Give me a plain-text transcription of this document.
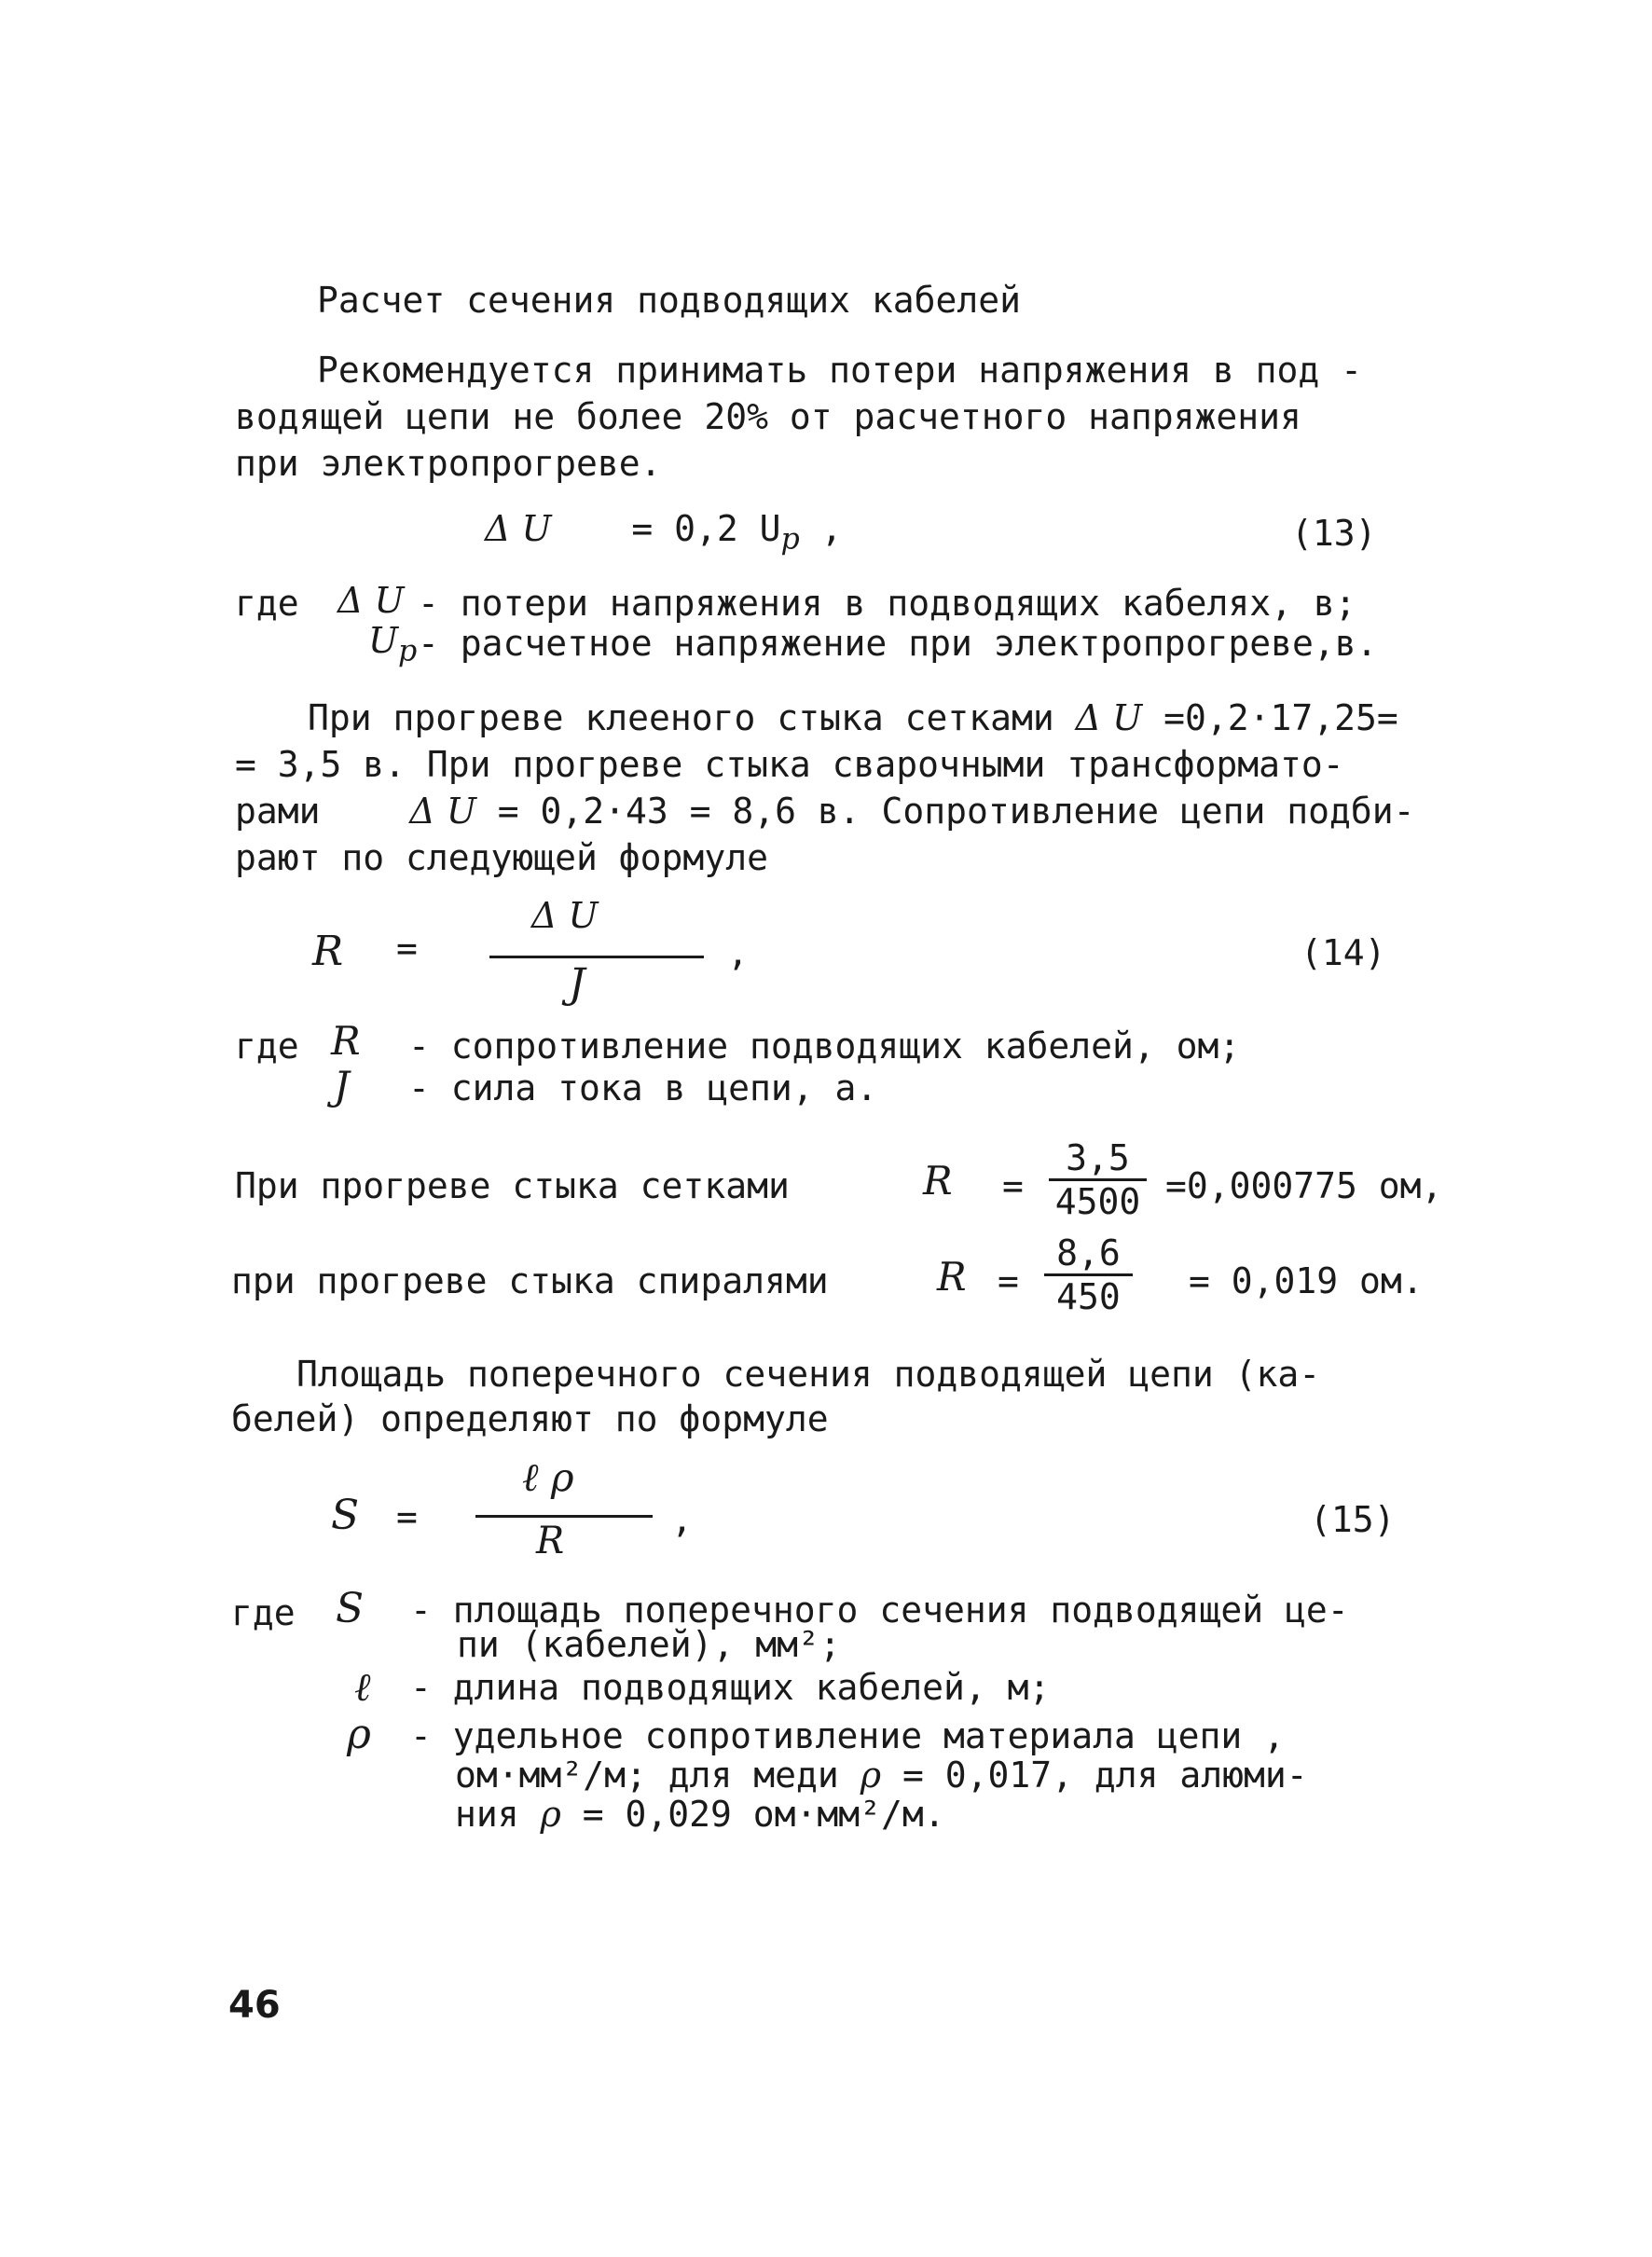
Расчет сечения подводящих кабелей
Рекомендуется принимать потери напряжения в под -
водящей цепи не более 20% от расчетного напряжения
при электропрогреве.
Δ U = 0,2 $U_p$ ,	(13)
где Δ U - потери напряжения в подводящих кабелях, в;
$U_p$ - расчетное напряжение при электропрогреве,в.
При прогреве клееного стыка сетками Δ U =0,2·17,25=
= 3,5 в. При прогреве стыка сварочными трансформато-
рами	Δ U = 0,2·43 = 8,6 в. Сопротивление цепи подби-
рают по следующей формуле
R =
Δ U
J
,	(14)
где R - сопротивление подводящих кабелей, ом;
J - сила тока в цепи, а.
При прогреве стыка сетками	$R = \frac{3,5}{4500} =0,000775$ ом,
при прогреве стыка спиралями	$R = \frac{8,6}{450} = 0,019$ ом.
Площадь поперечного сечения подводящей цепи (ка-
белей) определяют по формуле
S =
ℓ ρ
R	,	(15)
где S - площадь поперечного сечения подводящей це-
пи (кабелей), мм²;
ℓ - длина подводящих кабелей, м;
ρ - удельное сопротивление материала цепи ,
ом·мм²/м; для меди ρ = 0,017, для алюми-
ния ρ = 0,029 ом·мм²/м.
46
